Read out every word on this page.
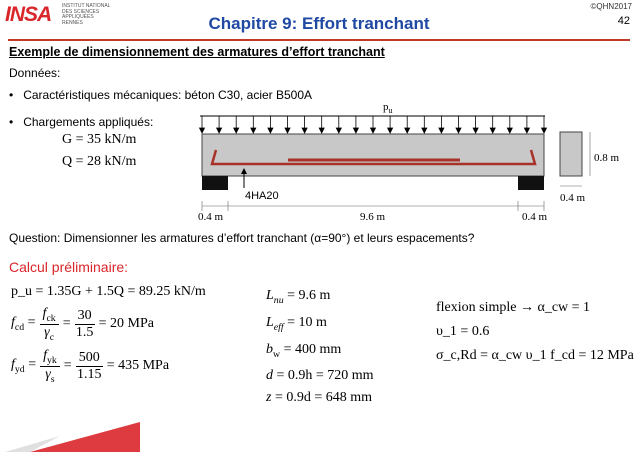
INSA INSTITUT NATIONAL
DES SCIENCES
APPLIQUÉES
RENNES	Chapitre 9: Effort tranchant
©QHN2017
42
Exemple de dimensionnement des armatures d’effort tranchant
Données:
•   Caractéristiques mécaniques: béton C30, acier B500A
•   Chargements appliqués:
G = 35 kN/m
Q = 28 kN/m
$p_u$
4HA20
0.4 m	9.6 m	0.4 m
0.8 m
0.4 m
Question: Dimensionner les armatures d’effort tranchant (α=90°) et leurs espacements?
Calcul préliminaire:
p_u = 1.35G + 1.5Q = 89.25 kN/m
$f_{cd}$ =
$f_{ck}$
$\gamma_c$
= $\frac{30}{1.5} = 20$ MPa
$f_{yd}$ =
$f_{yk}$
$\gamma_s$
= $\frac{500}{1.15} = 435$ MPa
$L_{nu} = 9.6$ m
$L_{eff} = 10$ m
$b_w = 400$ mm
d = 0.9h = 720 mm
z = 0.9d = 648 mm
flexion simple → α_cw = 1
υ_1 = 0.6
σ_c,Rd = α_cw υ_1 f_cd = 12 MPa
